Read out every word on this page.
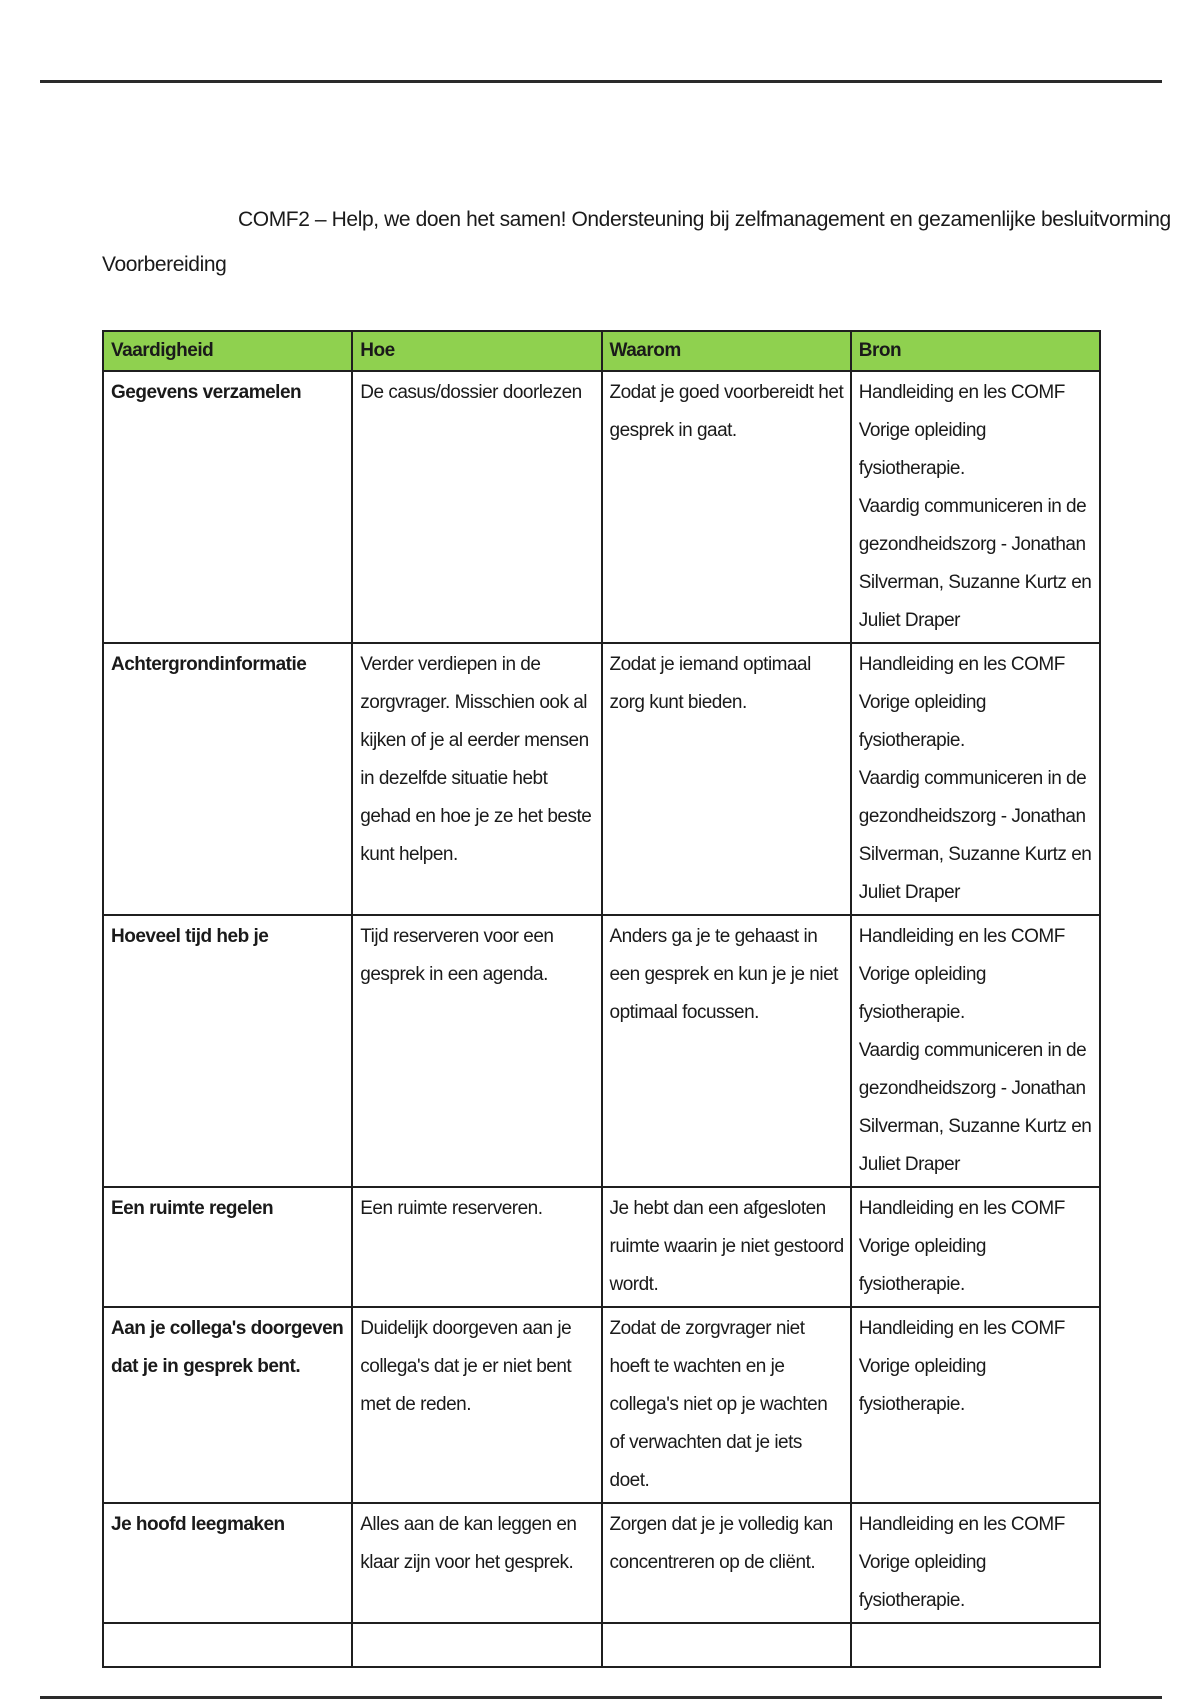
COMF2 – Help, we doen het samen! Ondersteuning bij zelfmanagement en gezamenlijke besluitvorming
Voorbereiding
Vaardigheid	Hoe	Waarom	Bron
Gegevens verzamelen	De casus/dossier doorlezen	Zodat je goed voorbereidt het gesprek in gaat.	Handleiding en les COMF
Vorige opleiding fysiotherapie.
Vaardig communiceren in de gezondheidszorg - Jonathan Silverman, Suzanne Kurtz en Juliet Draper

Achtergrondinformatie	Verder verdiepen in de zorgvrager. Misschien ook al kijken of je al eerder mensen in dezelfde situatie hebt gehad en hoe je ze het beste kunt helpen.	Zodat je iemand optimaal zorg kunt bieden.	Handleiding en les COMF
Vorige opleiding fysiotherapie.
Vaardig communiceren in de gezondheidszorg - Jonathan Silverman, Suzanne Kurtz en Juliet Draper

Hoeveel tijd heb je	Tijd reserveren voor een gesprek in een agenda.	Anders ga je te gehaast in een gesprek en kun je je niet optimaal focussen.	Handleiding en les COMF
Vorige opleiding fysiotherapie.
Vaardig communiceren in de gezondheidszorg - Jonathan Silverman, Suzanne Kurtz en Juliet Draper

Een ruimte regelen	Een ruimte reserveren.	Je hebt dan een afgesloten ruimte waarin je niet gestoord wordt.	Handleiding en les COMF
Vorige opleiding fysiotherapie.

Aan je collega's doorgeven dat je in gesprek bent.	Duidelijk doorgeven aan je collega's dat je er niet bent met de reden.	Zodat de zorgvrager niet hoeft te wachten en je collega's niet op je wachten of verwachten dat je iets doet.	Handleiding en les COMF
Vorige opleiding fysiotherapie.

Je hoofd leegmaken	Alles aan de kan leggen en klaar zijn voor het gesprek.	Zorgen dat je je volledig kan concentreren op de cliënt.	Handleiding en les COMF
Vorige opleiding fysiotherapie.
